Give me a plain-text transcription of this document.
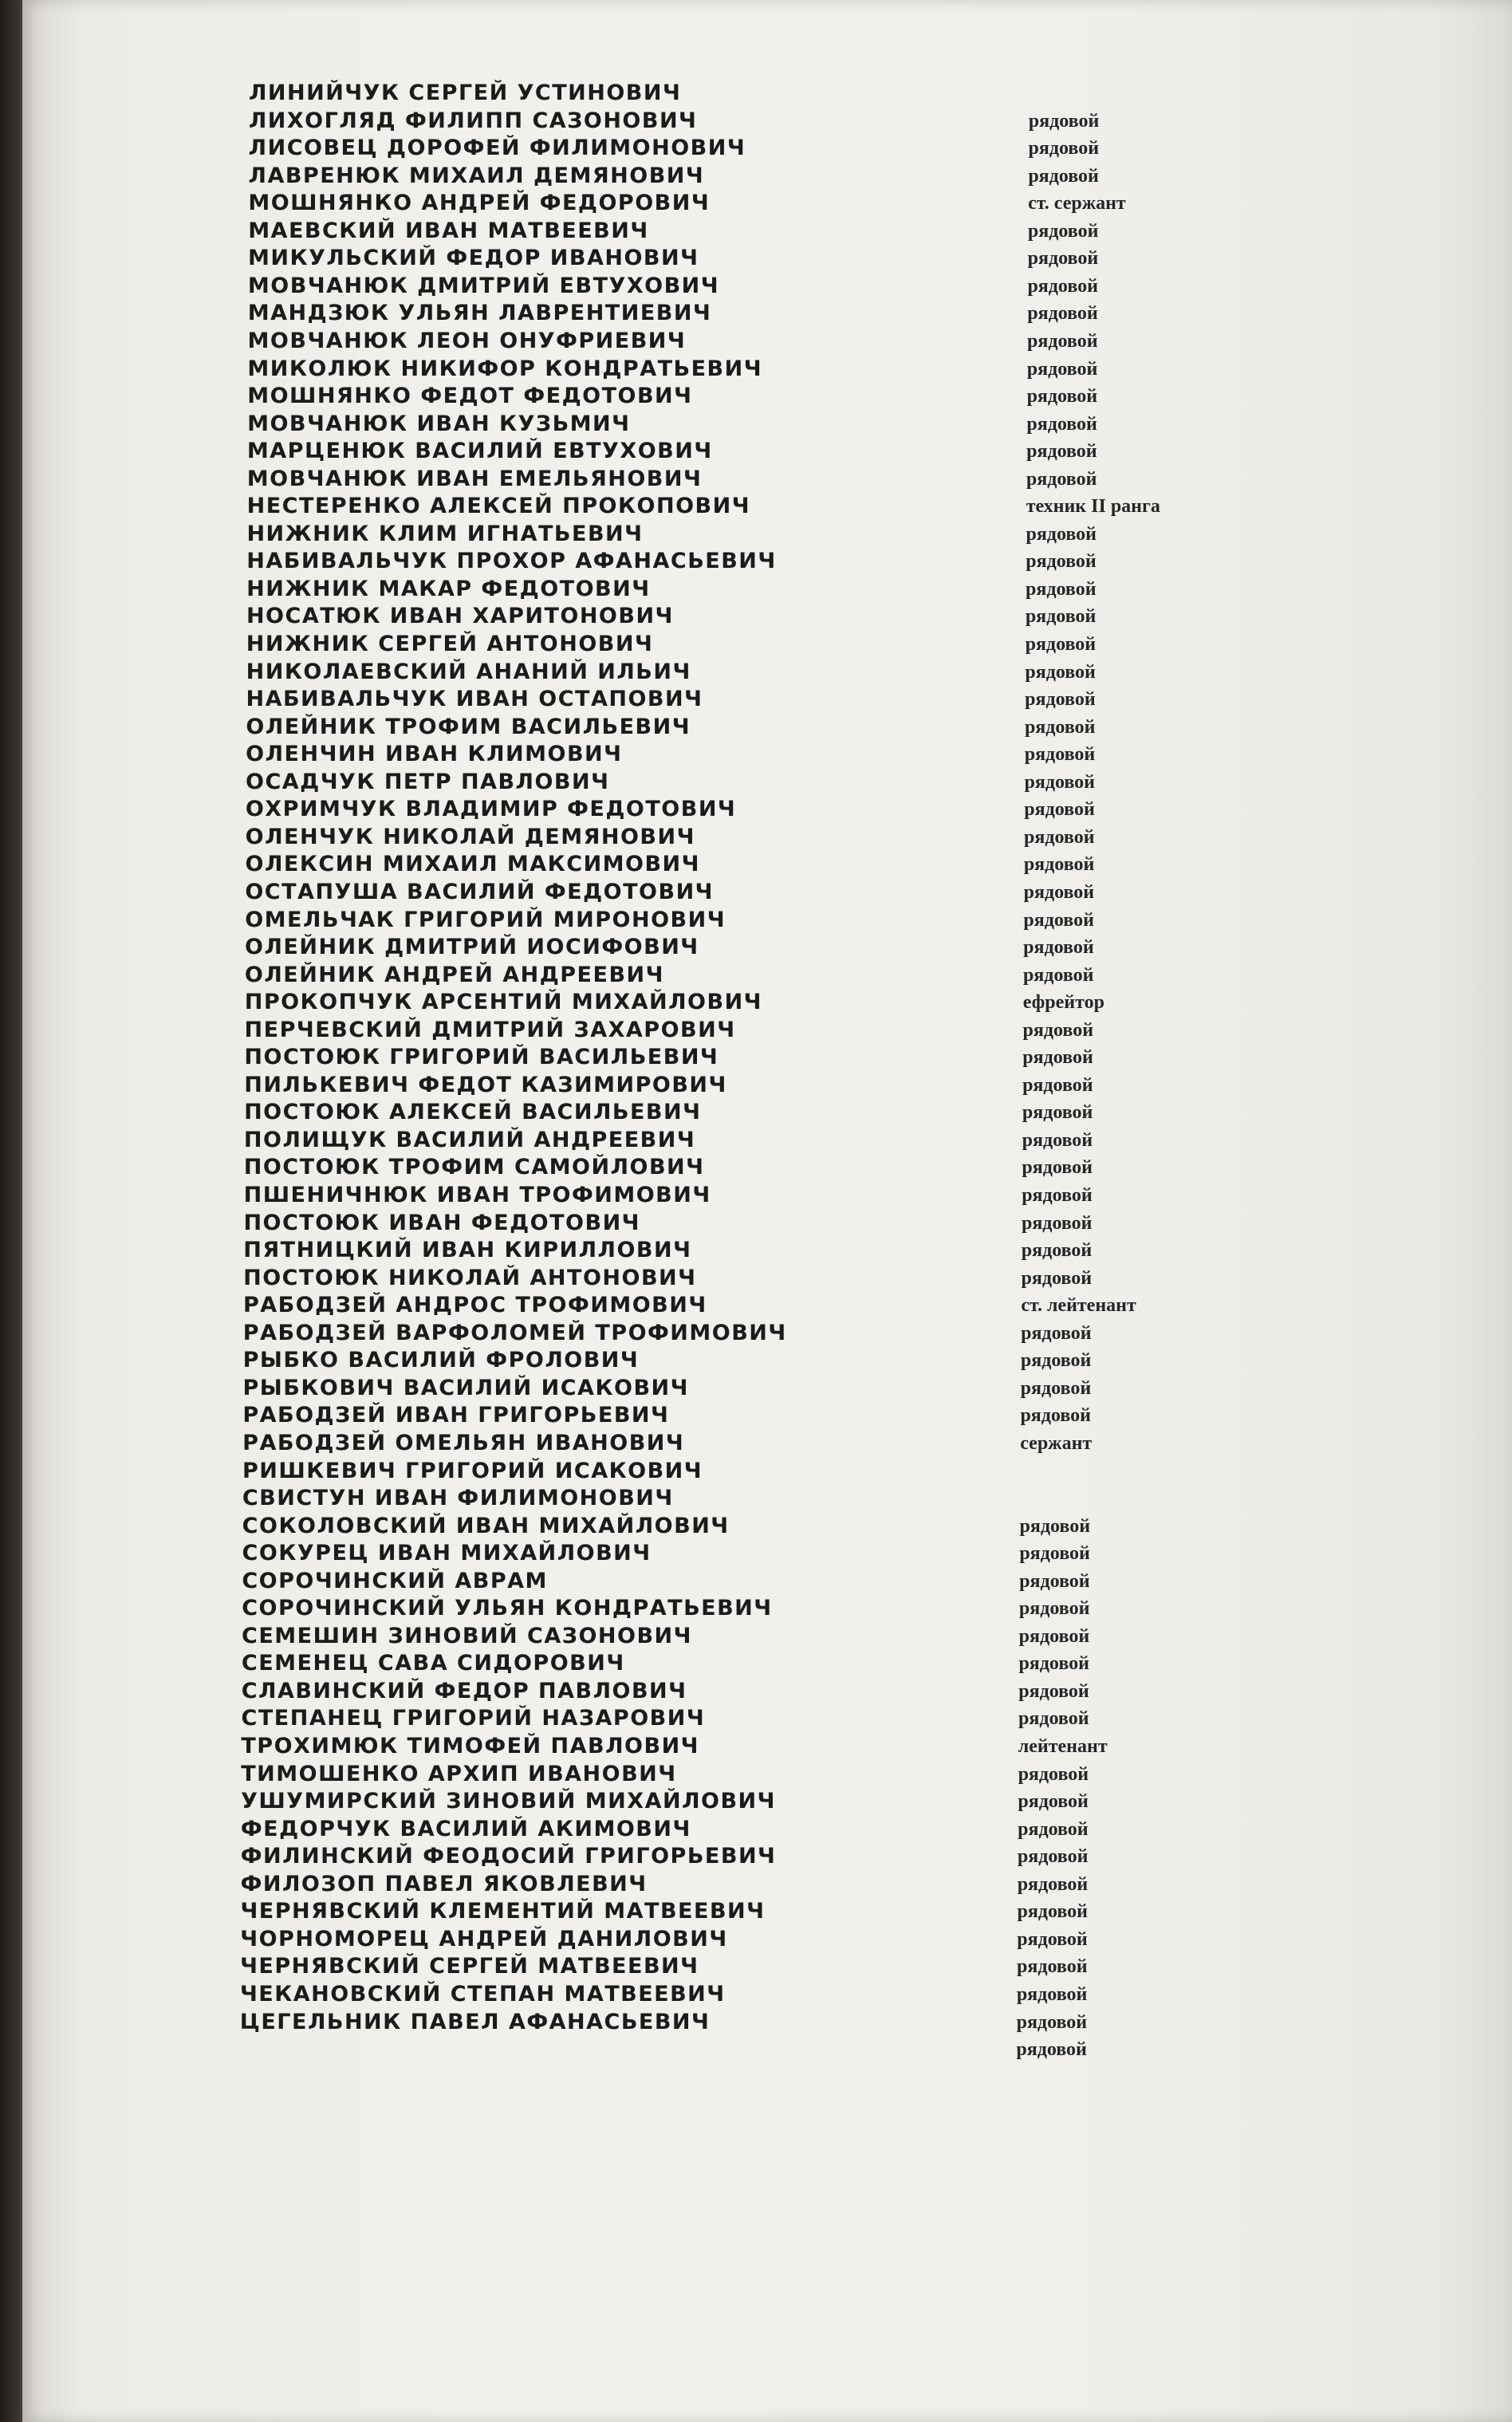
ЛИНИЙЧУК СЕРГЕЙ УСТИНОВИЧ
ЛИХОГЛЯД ФИЛИПП САЗОНОВИЧ	рядовой
ЛИСОВЕЦ ДОРОФЕЙ ФИЛИМОНОВИЧ	рядовой
ЛАВРЕНЮК МИХАИЛ ДЕМЯНОВИЧ	рядовой
МОШНЯНКО АНДРЕЙ ФЕДОРОВИЧ	ст. сержант
МАЕВСКИЙ ИВАН МАТВЕЕВИЧ	рядовой
МИКУЛЬСКИЙ ФЕДОР ИВАНОВИЧ	рядовой
МОВЧАНЮК ДМИТРИЙ ЕВТУХОВИЧ	рядовой
МАНДЗЮК УЛЬЯН ЛАВРЕНТИЕВИЧ	рядовой
МОВЧАНЮК ЛЕОН ОНУФРИЕВИЧ	рядовой
МИКОЛЮК НИКИФОР КОНДРАТЬЕВИЧ	рядовой
МОШНЯНКО ФЕДОТ ФЕДОТОВИЧ	рядовой
МОВЧАНЮК ИВАН КУЗЬМИЧ	рядовой
МАРЦЕНЮК ВАСИЛИЙ ЕВТУХОВИЧ	рядовой
МОВЧАНЮК ИВАН ЕМЕЛЬЯНОВИЧ	рядовой
НЕСТЕРЕНКО АЛЕКСЕЙ ПРОКОПОВИЧ	техник II ранга
НИЖНИК КЛИМ ИГНАТЬЕВИЧ	рядовой
НАБИВАЛЬЧУК ПРОХОР АФАНАСЬЕВИЧ	рядовой
НИЖНИК МАКАР ФЕДОТОВИЧ	рядовой
НОСАТЮК ИВАН ХАРИТОНОВИЧ	рядовой
НИЖНИК СЕРГЕЙ АНТОНОВИЧ	рядовой
НИКОЛАЕВСКИЙ АНАНИЙ ИЛЬИЧ	рядовой
НАБИВАЛЬЧУК ИВАН ОСТАПОВИЧ	рядовой
ОЛЕЙНИК ТРОФИМ ВАСИЛЬЕВИЧ	рядовой
ОЛЕНЧИН ИВАН КЛИМОВИЧ	рядовой
ОСАДЧУК ПЕТР ПАВЛОВИЧ	рядовой
ОХРИМЧУК ВЛАДИМИР ФЕДОТОВИЧ	рядовой
ОЛЕНЧУК НИКОЛАЙ ДЕМЯНОВИЧ	рядовой
ОЛЕКСИН МИХАИЛ МАКСИМОВИЧ	рядовой
ОСТАПУША ВАСИЛИЙ ФЕДОТОВИЧ	рядовой
ОМЕЛЬЧАК ГРИГОРИЙ МИРОНОВИЧ	рядовой
ОЛЕЙНИК ДМИТРИЙ ИОСИФОВИЧ	рядовой
ОЛЕЙНИК АНДРЕЙ АНДРЕЕВИЧ	рядовой
ПРОКОПЧУК АРСЕНТИЙ МИХАЙЛОВИЧ	ефрейтор
ПЕРЧЕВСКИЙ ДМИТРИЙ ЗАХАРОВИЧ	рядовой
ПОСТОЮК ГРИГОРИЙ ВАСИЛЬЕВИЧ	рядовой
ПИЛЬКЕВИЧ ФЕДОТ КАЗИМИРОВИЧ	рядовой
ПОСТОЮК АЛЕКСЕЙ ВАСИЛЬЕВИЧ	рядовой
ПОЛИЩУК ВАСИЛИЙ АНДРЕЕВИЧ	рядовой
ПОСТОЮК ТРОФИМ САМОЙЛОВИЧ	рядовой
ПШЕНИЧНЮК ИВАН ТРОФИМОВИЧ	рядовой
ПОСТОЮК ИВАН ФЕДОТОВИЧ	рядовой
ПЯТНИЦКИЙ ИВАН КИРИЛЛОВИЧ	рядовой
ПОСТОЮК НИКОЛАЙ АНТОНОВИЧ	рядовой
РАБОДЗЕЙ АНДРОС ТРОФИМОВИЧ	ст. лейтенант
РАБОДЗЕЙ ВАРФОЛОМЕЙ ТРОФИМОВИЧ	рядовой
РЫБКО ВАСИЛИЙ ФРОЛОВИЧ	рядовой
РЫБКОВИЧ ВАСИЛИЙ ИСАКОВИЧ	рядовой
РАБОДЗЕЙ ИВАН ГРИГОРЬЕВИЧ	рядовой
РАБОДЗЕЙ ОМЕЛЬЯН ИВАНОВИЧ	сержант
РИШКЕВИЧ ГРИГОРИЙ ИСАКОВИЧ
СВИСТУН ИВАН ФИЛИМОНОВИЧ
СОКОЛОВСКИЙ ИВАН МИХАЙЛОВИЧ	рядовой
СОКУРЕЦ ИВАН МИХАЙЛОВИЧ	рядовой
СОРОЧИНСКИЙ АВРАМ	рядовой
СОРОЧИНСКИЙ УЛЬЯН КОНДРАТЬЕВИЧ	рядовой
СЕМЕШИН ЗИНОВИЙ САЗОНОВИЧ	рядовой
СЕМЕНЕЦ САВА СИДОРОВИЧ	рядовой
СЛАВИНСКИЙ ФЕДОР ПАВЛОВИЧ	рядовой
СТЕПАНЕЦ ГРИГОРИЙ НАЗАРОВИЧ	рядовой
ТРОХИМЮК ТИМОФЕЙ ПАВЛОВИЧ	лейтенант
ТИМОШЕНКО АРХИП ИВАНОВИЧ	рядовой
УШУМИРСКИЙ ЗИНОВИЙ МИХАЙЛОВИЧ	рядовой
ФЕДОРЧУК ВАСИЛИЙ АКИМОВИЧ	рядовой
ФИЛИНСКИЙ ФЕОДОСИЙ ГРИГОРЬЕВИЧ	рядовой
ФИЛОЗОП ПАВЕЛ ЯКОВЛЕВИЧ	рядовой
ЧЕРНЯВСКИЙ КЛЕМЕНТИЙ МАТВЕЕВИЧ	рядовой
ЧОРНОМОРЕЦ АНДРЕЙ ДАНИЛОВИЧ	рядовой
ЧЕРНЯВСКИЙ СЕРГЕЙ МАТВЕЕВИЧ	рядовой
ЧЕКАНОВСКИЙ СТЕПАН МАТВЕЕВИЧ	рядовой
ЦЕГЕЛЬНИК ПАВЕЛ АФАНАСЬЕВИЧ	рядовой
рядовой
